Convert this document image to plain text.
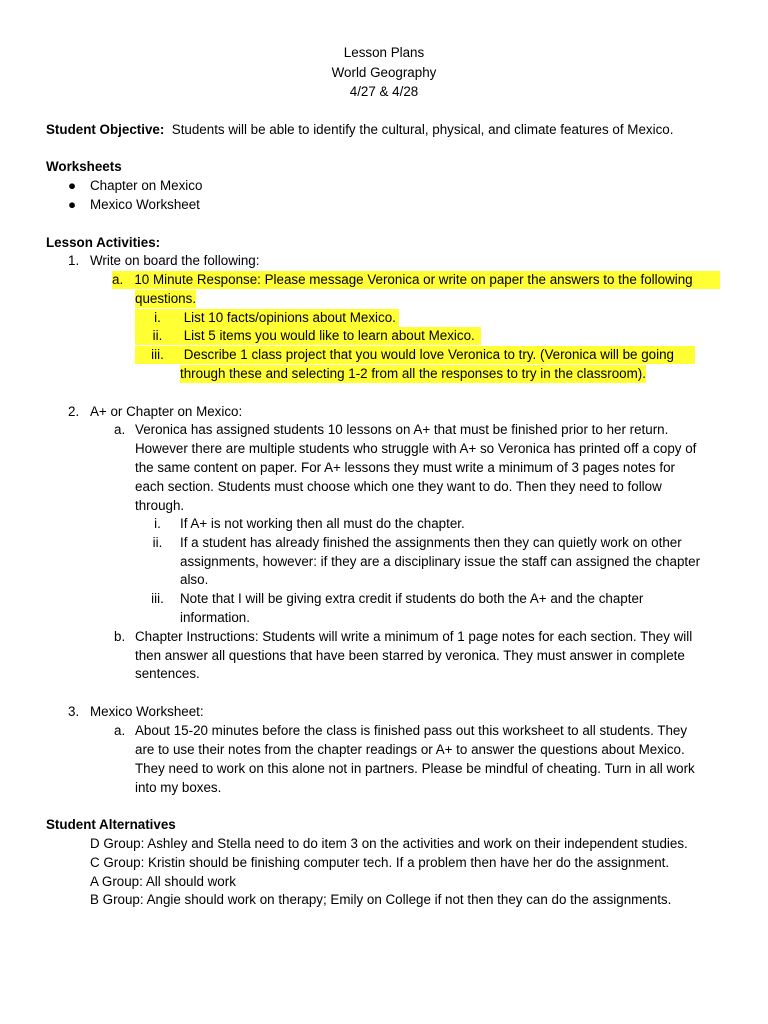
Lesson Plans
World Geography
4/27 & 4/28
Student Objective: Students will be able to identify the cultural, physical, and climate features of Mexico.
Worksheets
● Chapter on Mexico
● Mexico Worksheet
Lesson Activities:
1. Write on board the following:
a. 10 Minute Response: Please message Veronica or write on paper the answers to the following
questions.
i. List 10 facts/opinions about Mexico.
ii. List 5 items you would like to learn about Mexico.
iii. Describe 1 class project that you would love Veronica to try. (Veronica will be going
through these and selecting 1-2 from all the responses to try in the classroom).
2. A+ or Chapter on Mexico:
a. Veronica has assigned students 10 lessons on A+ that must be finished prior to her return.
However there are multiple students who struggle with A+ so Veronica has printed off a copy of
the same content on paper. For A+ lessons they must write a minimum of 3 pages notes for
each section. Students must choose which one they want to do. Then they need to follow
through.
i.	If A+ is not working then all must do the chapter.
ii.	If a student has already finished the assignments then they can quietly work on other
assignments, however: if they are a disciplinary issue the staff can assigned the chapter
also.
iii.	Note that I will be giving extra credit if students do both the A+ and the chapter
information.
b. Chapter Instructions: Students will write a minimum of 1 page notes for each section. They will
then answer all questions that have been starred by veronica. They must answer in complete
sentences.
3. Mexico Worksheet:
a. About 15-20 minutes before the class is finished pass out this worksheet to all students. They
are to use their notes from the chapter readings or A+ to answer the questions about Mexico.
They need to work on this alone not in partners. Please be mindful of cheating. Turn in all work
into my boxes.
Student Alternatives
D Group: Ashley and Stella need to do item 3 on the activities and work on their independent studies.
C Group: Kristin should be finishing computer tech. If a problem then have her do the assignment.
A Group: All should work
B Group: Angie should work on therapy; Emily on College if not then they can do the assignments.
